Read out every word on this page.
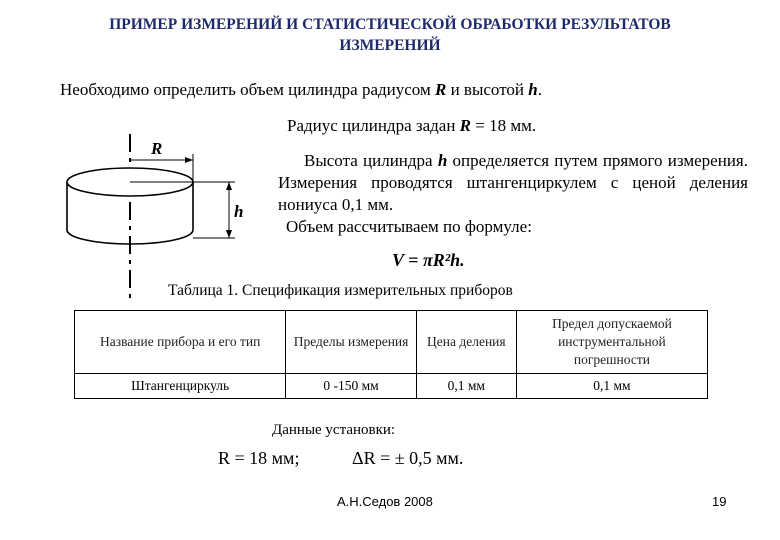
ПРИМЕР ИЗМЕРЕНИЙ И СТАТИСТИЧЕСКОЙ ОБРАБОТКИ РЕЗУЛЬТАТОВ
ИЗМЕРЕНИЙ
Необходимо определить объем цилиндра радиусом R и высотой h.
Радиус цилиндра задан R = 18 мм.
R
h
Высота цилиндра h определяется путем прямого измерения. Измерения проводятся штангенциркулем с ценой деления нониуса 0,1 мм.
Объем рассчитываем по формуле:
V = πR²h.
Таблица 1. Спецификация измерительных приборов
Название прибора и его тип	Пределы измерения	Цена деления	Предел допускаемой инструментальной погрешности
Штангенциркуль	0 -150 мм	0,1 мм	0,1 мм
Данные установки:
R = 18 мм;	ΔR = ± 0,5 мм.
А.Н.Седов 2008	19
